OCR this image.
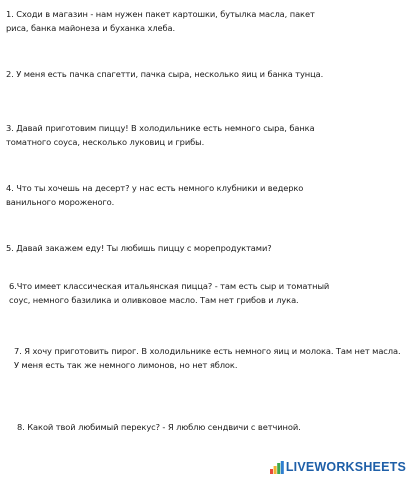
1. Сходи в магазин - нам нужен пакет картошки, бутылка масла, пакет
риса, банка майонеза и буханка хлеба.
2. У меня есть пачка спагетти, пачка сыра, несколько яиц и банка тунца.
3. Давай приготовим пиццу! В холодильнике есть немного сыра, банка
томатного соуса, несколько луковиц и грибы.
4. Что ты хочешь на десерт? у нас есть немного клубники и ведерко
ванильного мороженого.
5. Давай закажем еду! Ты любишь пиццу с морепродуктами?
6.Что имеет классическая итальянская пицца? - там есть сыр и томатный
соус, немного базилика и оливковое масло. Там нет грибов и лука.
7. Я хочу приготовить пирог. В холодильнике есть немного яиц и молока. Там нет масла.
У меня есть так же немного лимонов, но нет яблок.
8. Какой твой любимый перекус? - Я люблю сендвичи с ветчиной.
LIVEWORKSHEETS
